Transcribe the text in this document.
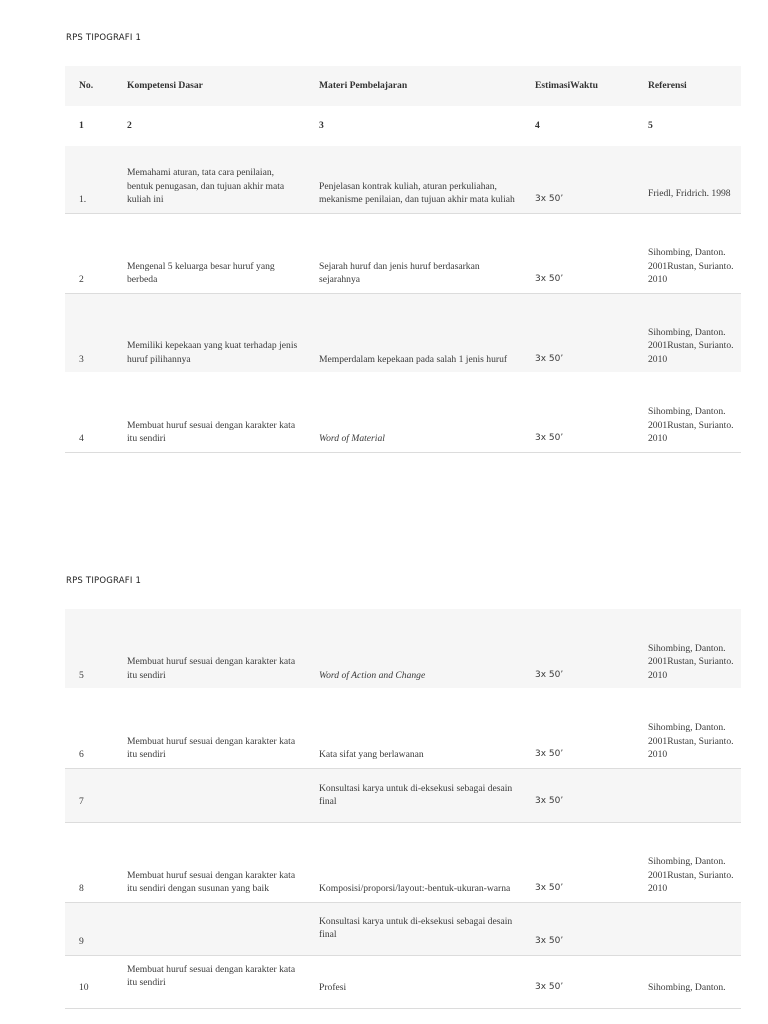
RPS TIPOGRAFI 1
No.	Kompetensi Dasar	Materi Pembelajaran	EstimasiWaktu	Referensi
1	2	3	4	5
1.	Memahami aturan, tata cara penilaian, bentuk penugasan, dan tujuan akhir mata kuliah ini	Penjelasan kontrak kuliah, aturan perkuliahan, mekanisme penilaian, dan tujuan akhir mata kuliah	3x 50’	Friedl, Fridrich. 1998
2	Mengenal 5 keluarga besar huruf yang berbeda	Sejarah huruf dan jenis huruf berdasarkan sejarahnya	3x 50’	Sihombing, Danton. 2001Rustan, Surianto. 2010
3	Memiliki kepekaan yang kuat terhadap jenis huruf pilihannya	Memperdalam kepekaan pada salah 1 jenis huruf	3x 50’	Sihombing, Danton. 2001Rustan, Surianto. 2010
4	Membuat huruf sesuai dengan karakter kata itu sendiri	Word of Material	3x 50’	Sihombing, Danton. 2001Rustan, Surianto. 2010
RPS TIPOGRAFI 1
5	Membuat huruf sesuai dengan karakter kata itu sendiri	Word of Action and Change	3x 50’	Sihombing, Danton. 2001Rustan, Surianto. 2010
6	Membuat huruf sesuai dengan karakter kata itu sendiri	Kata sifat yang berlawanan	3x 50’	Sihombing, Danton. 2001Rustan, Surianto. 2010
7		Konsultasi karya untuk di-eksekusi sebagai desain final	3x 50’	
8	Membuat huruf sesuai dengan karakter kata itu sendiri dengan susunan yang baik	Komposisi/proporsi/layout:-bentuk-ukuran-warna	3x 50’	Sihombing, Danton. 2001Rustan, Surianto. 2010
9		Konsultasi karya untuk di-eksekusi sebagai desain final	3x 50’	
10	Membuat huruf sesuai dengan karakter kata itu sendiri	Profesi	3x 50’	Sihombing, Danton.
